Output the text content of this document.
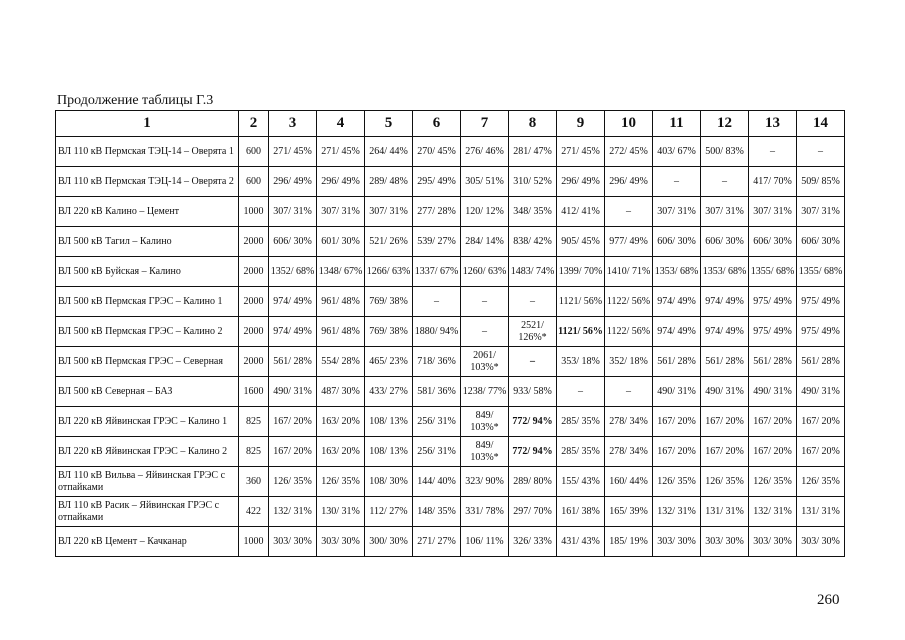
Продолжение таблицы Г.3
1	2	3	4	5	6	7	8	9	10	11	12	13	14
ВЛ 110 кВ Пермская ТЭЦ-14 – Оверята 1	600	271/ 45%	271/ 45%	264/ 44%	270/ 45%	276/ 46%	281/ 47%	271/ 45%	272/ 45%	403/ 67%	500/ 83%	–	–
ВЛ 110 кВ Пермская ТЭЦ-14 – Оверята 2	600	296/ 49%	296/ 49%	289/ 48%	295/ 49%	305/ 51%	310/ 52%	296/ 49%	296/ 49%	–	–	417/ 70%	509/ 85%
ВЛ 220 кВ Калино – Цемент	1000	307/ 31%	307/ 31%	307/ 31%	277/ 28%	120/ 12%	348/ 35%	412/ 41%	–	307/ 31%	307/ 31%	307/ 31%	307/ 31%
ВЛ 500 кВ Тагил – Калино	2000	606/ 30%	601/ 30%	521/ 26%	539/ 27%	284/ 14%	838/ 42%	905/ 45%	977/ 49%	606/ 30%	606/ 30%	606/ 30%	606/ 30%
ВЛ 500 кВ Буйская – Калино	2000	1352/ 68%	1348/ 67%	1266/ 63%	1337/ 67%	1260/ 63%	1483/ 74%	1399/ 70%	1410/ 71%	1353/ 68%	1353/ 68%	1355/ 68%	1355/ 68%
ВЛ 500 кВ Пермская ГРЭС – Калино 1	2000	974/ 49%	961/ 48%	769/ 38%	–	–	–	1121/ 56%	1122/ 56%	974/ 49%	974/ 49%	975/ 49%	975/ 49%
ВЛ 500 кВ Пермская ГРЭС – Калино 2	2000	974/ 49%	961/ 48%	769/ 38%	1880/ 94%	–	2521/ 126%*	1121/ 56%	1122/ 56%	974/ 49%	974/ 49%	975/ 49%	975/ 49%
ВЛ 500 кВ Пермская ГРЭС – Северная	2000	561/ 28%	554/ 28%	465/ 23%	718/ 36%	2061/ 103%*	–	353/ 18%	352/ 18%	561/ 28%	561/ 28%	561/ 28%	561/ 28%
ВЛ 500 кВ Северная – БАЗ	1600	490/ 31%	487/ 30%	433/ 27%	581/ 36%	1238/ 77%	933/ 58%	–	–	490/ 31%	490/ 31%	490/ 31%	490/ 31%
ВЛ 220 кВ Яйвинская ГРЭС – Калино 1	825	167/ 20%	163/ 20%	108/ 13%	256/ 31%	849/ 103%*	772/ 94%	285/ 35%	278/ 34%	167/ 20%	167/ 20%	167/ 20%	167/ 20%
ВЛ 220 кВ Яйвинская ГРЭС – Калино 2	825	167/ 20%	163/ 20%	108/ 13%	256/ 31%	849/ 103%*	772/ 94%	285/ 35%	278/ 34%	167/ 20%	167/ 20%	167/ 20%	167/ 20%
ВЛ 110 кВ Вильва – Яйвинская ГРЭС с отпайками	360	126/ 35%	126/ 35%	108/ 30%	144/ 40%	323/ 90%	289/ 80%	155/ 43%	160/ 44%	126/ 35%	126/ 35%	126/ 35%	126/ 35%
ВЛ 110 кВ Расик – Яйвинская ГРЭС с отпайками	422	132/ 31%	130/ 31%	112/ 27%	148/ 35%	331/ 78%	297/ 70%	161/ 38%	165/ 39%	132/ 31%	131/ 31%	132/ 31%	131/ 31%
ВЛ 220 кВ Цемент – Качканар	1000	303/ 30%	303/ 30%	300/ 30%	271/ 27%	106/ 11%	326/ 33%	431/ 43%	185/ 19%	303/ 30%	303/ 30%	303/ 30%	303/ 30%
260
